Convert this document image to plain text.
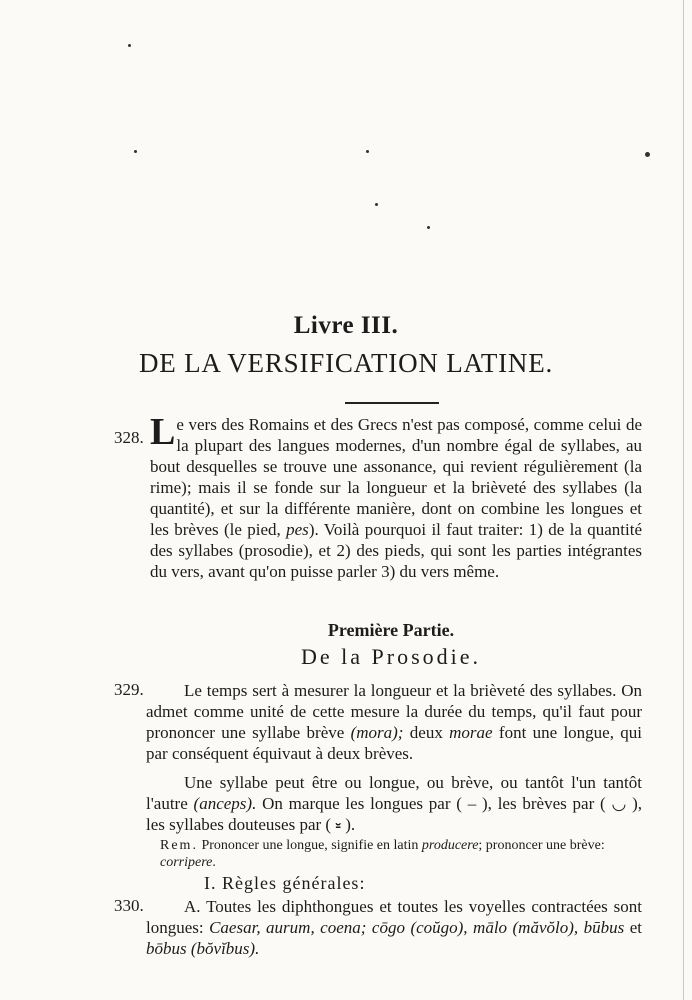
Livre III.
DE LA VERSIFICATION LATINE.
328. Le vers des Romains et des Grecs n'est pas composé, comme celui de la plupart des langues modernes, d'un nombre égal de syllabes, au bout desquelles se trouve une assonance, qui revient régulièrement (la rime); mais il se fonde sur la longueur et la brièveté des syllabes (la quantité), et sur la différente manière, dont on combine les longues et les brèves (le pied, pes). Voilà pourquoi il faut traiter: 1) de la quantité des syllabes (prosodie), et 2) des pieds, qui sont les parties intégrantes du vers, avant qu'on puisse parler 3) du vers même.

Première Partie.
De la Prosodie.
329.	Le temps sert à mesurer la longueur et la brièveté des syllabes. On admet comme unité de cette mesure la durée du temps, qu'il faut pour prononcer une syllabe brève (mora); deux morae font une longue, qui par conséquent équivaut à deux brèves.

Une syllabe peut être ou longue, ou brève, ou tantôt l'un tantôt l'autre (anceps). On marque les longues par ( – ), les brèves par ( ◡ ), les syllabes douteuses par ( ⏓ ).

Rem. Prononcer une longue, signifie en latin producere; prononcer une brève: corripere.

I. Règles générales:
330.	A. Toutes les diphthongues et toutes les voyelles contractées sont longues: Caesar, aurum, coena; cōgo (coŭgo), mālo (măvŏlo), būbus et bōbus (bŏvĭbus).
